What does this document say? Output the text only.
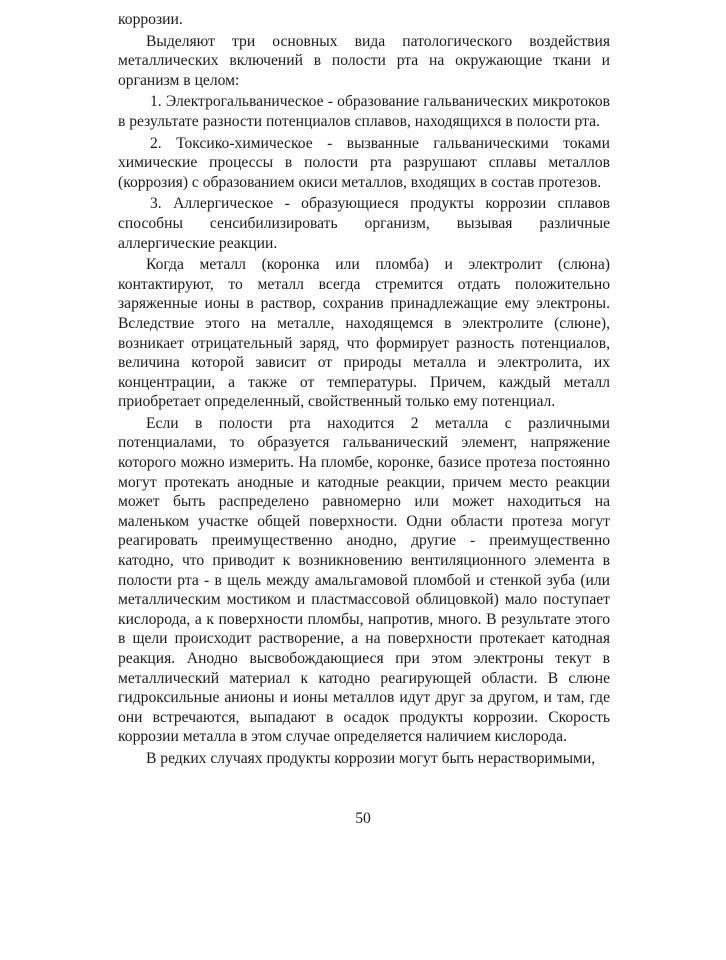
коррозии.

Выделяют три основных вида патологического воздействия металлических включений в полости рта на окружающие ткани и организм в целом:

1. Электрогальваническое - образование гальванических микротоков в результате разности потенциалов сплавов, находящихся в полости рта.

2. Токсико-химическое - вызванные гальваническими токами химические процессы в полости рта разрушают сплавы металлов (коррозия) с образованием окиси металлов, входящих в состав протезов.

3. Аллергическое - образующиеся продукты коррозии сплавов способны сенсибилизировать организм, вызывая различные аллергические реакции.

Когда металл (коронка или пломба) и электролит (слюна) контактируют, то металл всегда стремится отдать положительно заряженные ионы в раствор, сохранив принадлежащие ему электроны. Вследствие этого на металле, находящемся в электролите (слюне), возникает отрицательный заряд, что формирует разность потенциалов, величина которой зависит от природы металла и электролита, их концентрации, а также от температуры. Причем, каждый металл приобретает определенный, свойственный только ему потенциал.

Если в полости рта находится 2 металла с различными потенциалами, то образуется гальванический элемент, напряжение которого можно измерить. На пломбе, коронке, базисе протеза постоянно могут протекать анодные и катодные реакции, причем место реакции может быть распределено равномерно или может находиться на маленьком участке общей поверхности. Одни области протеза могут реагировать преимущественно анодно, другие - преимущественно катодно, что приводит к возникновению вентиляционного элемента в полости рта - в щель между амальгамовой пломбой и стенкой зуба (или металлическим мостиком и пластмассовой облицовкой) мало поступает кислорода, а к поверхности пломбы, напротив, много. В результате этого в щели происходит растворение, а на поверхности протекает катодная реакция. Анодно высвобождающиеся при этом электроны текут в металлический материал к катодно реагирующей области. В слюне гидроксильные анионы и ионы металлов идут друг за другом, и там, где они встречаются, выпадают в осадок продукты коррозии. Скорость коррозии металла в этом случае определяется наличием кислорода.

В редких случаях продукты коррозии могут быть нерастворимыми,

50
